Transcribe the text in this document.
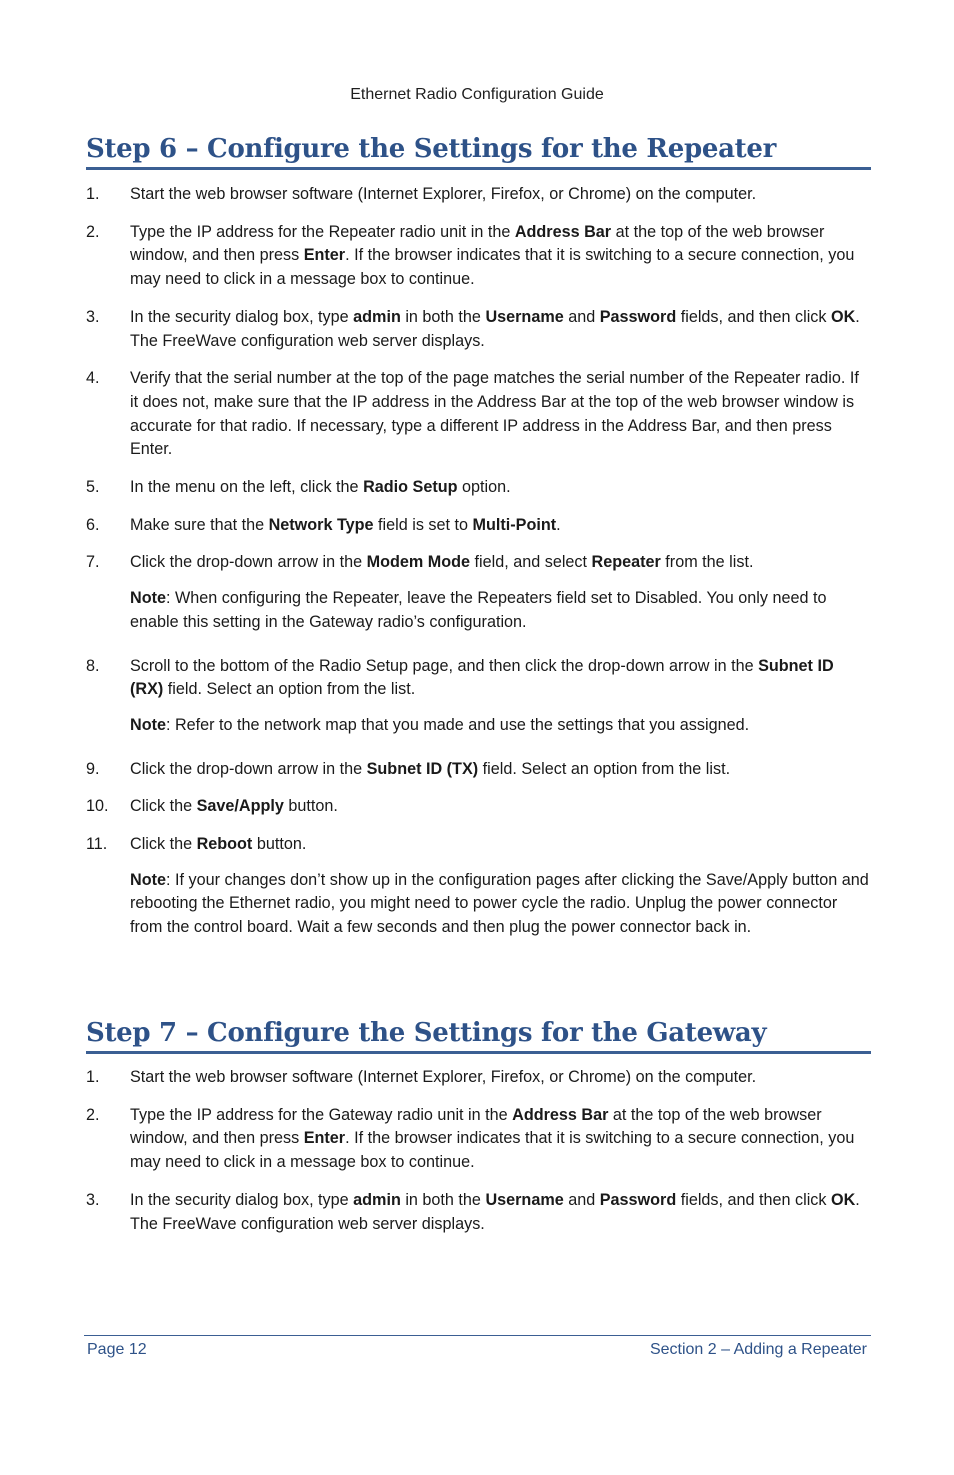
Ethernet Radio Configuration Guide
Step 6 – Configure the Settings for the Repeater
1.	Start the web browser software (Internet Explorer, Firefox, or Chrome) on the computer.
2.	Type the IP address for the Repeater radio unit in the Address Bar at the top of the web browser window, and then press Enter. If the browser indicates that it is switching to a secure connection, you may need to click in a message box to continue.
3.	In the security dialog box, type admin in both the Username and Password fields, and then click OK. The FreeWave configuration web server displays.
4.	Verify that the serial number at the top of the page matches the serial number of the Repeater radio. If it does not, make sure that the IP address in the Address Bar at the top of the web browser window is accurate for that radio. If necessary, type a different IP address in the Address Bar, and then press Enter.
5.	In the menu on the left, click the Radio Setup option.
6.	Make sure that the Network Type field is set to Multi-Point.
7.	Click the drop-down arrow in the Modem Mode field, and select Repeater from the list.
Note: When configuring the Repeater, leave the Repeaters field set to Disabled. You only need to enable this setting in the Gateway radio’s configuration.
8.	Scroll to the bottom of the Radio Setup page, and then click the drop-down arrow in the Subnet ID (RX) field. Select an option from the list.
Note: Refer to the network map that you made and use the settings that you assigned.
9.	Click the drop-down arrow in the Subnet ID (TX) field. Select an option from the list.
10.	Click the Save/Apply button.
11.	Click the Reboot button.
Note: If your changes don’t show up in the configuration pages after clicking the Save/Apply button and rebooting the Ethernet radio, you might need to power cycle the radio. Unplug the power connector from the control board. Wait a few seconds and then plug the power connector back in.
Step 7 – Configure the Settings for the Gateway
1.	Start the web browser software (Internet Explorer, Firefox, or Chrome) on the computer.
2.	Type the IP address for the Gateway radio unit in the Address Bar at the top of the web browser window, and then press Enter. If the browser indicates that it is switching to a secure connection, you may need to click in a message box to continue.
3.	In the security dialog box, type admin in both the Username and Password fields, and then click OK. The FreeWave configuration web server displays.
Page 12	Section 2 – Adding a Repeater
